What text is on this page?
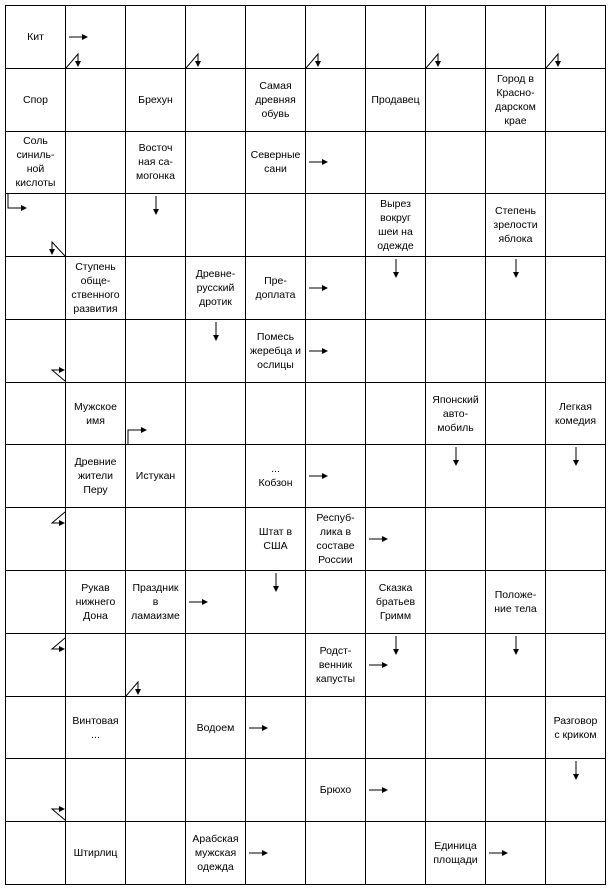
Кит
Спор	Брехун
Самая
древняя
обувь
Продавец
Город в
Красно-
дарском
крае
Соль
синиль-
ной
кислоты
Восточ
ная са-
могонка
Северные
сани
Вырез
вокруг
шеи на
одежде
Степень
зрелости
яблока
Ступень
обще-
ственного
развития
Древне-
русский
дротик
Пре-
доплата
Помесь
жеребца и
ослицы
Мужское
имя
Японский
авто-
мобиль
Легкая
комедия
Древние
жители
Перу
Истукан
...
Кобзон
Штат в
США
Респуб-
лика в
составе
России
Рукав
нижнего
Дона
Праздник
в
ламаизме
Сказка
братьев
Гримм
Положе-
ние тела
Родст-
венник
капусты
Винтовая
...
Водоем
Разговор
с криком
Брюхо
Штирлиц
Арабская
мужская
одежда
Единица
площади
